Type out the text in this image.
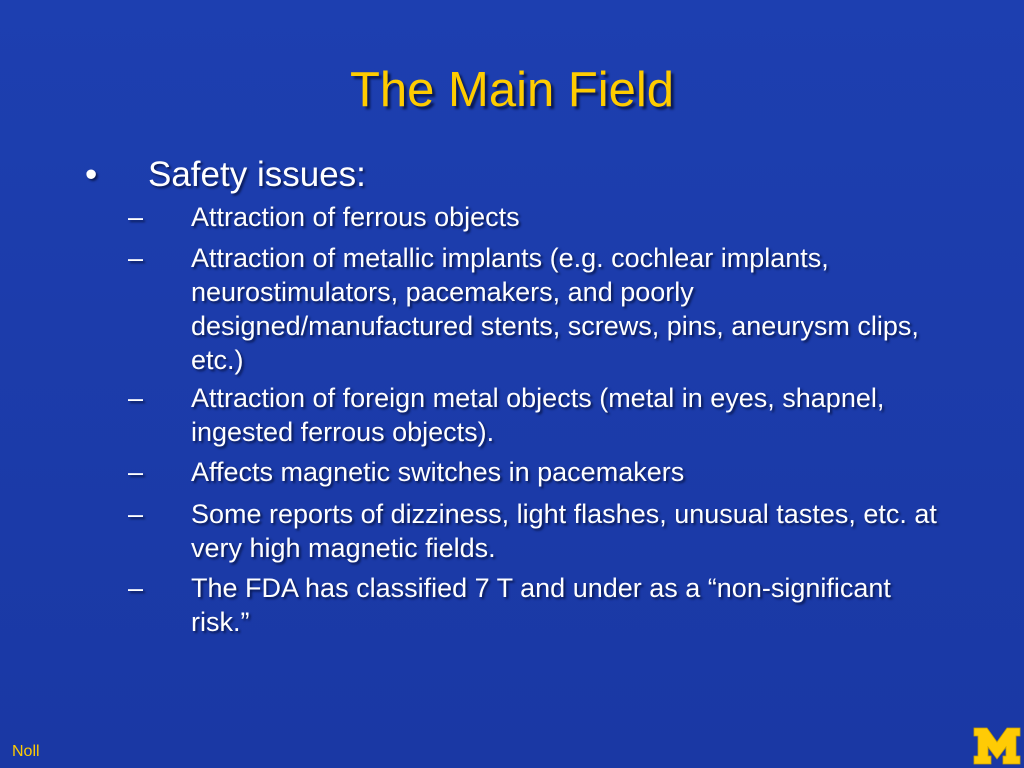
The Main Field
•	Safety issues:
–	Attraction of ferrous objects
–	Attraction of metallic implants (e.g. cochlear implants, neurostimulators, pacemakers, and poorly designed/manufactured stents, screws, pins, aneurysm clips, etc.)
–	Attraction of foreign metal objects (metal in eyes, shapnel, ingested ferrous objects).
–	Affects magnetic switches in pacemakers
–	Some reports of dizziness, light flashes, unusual tastes, etc. at very high magnetic fields.
–	The FDA has classified 7 T and under as a “non-significant risk.”
Noll
